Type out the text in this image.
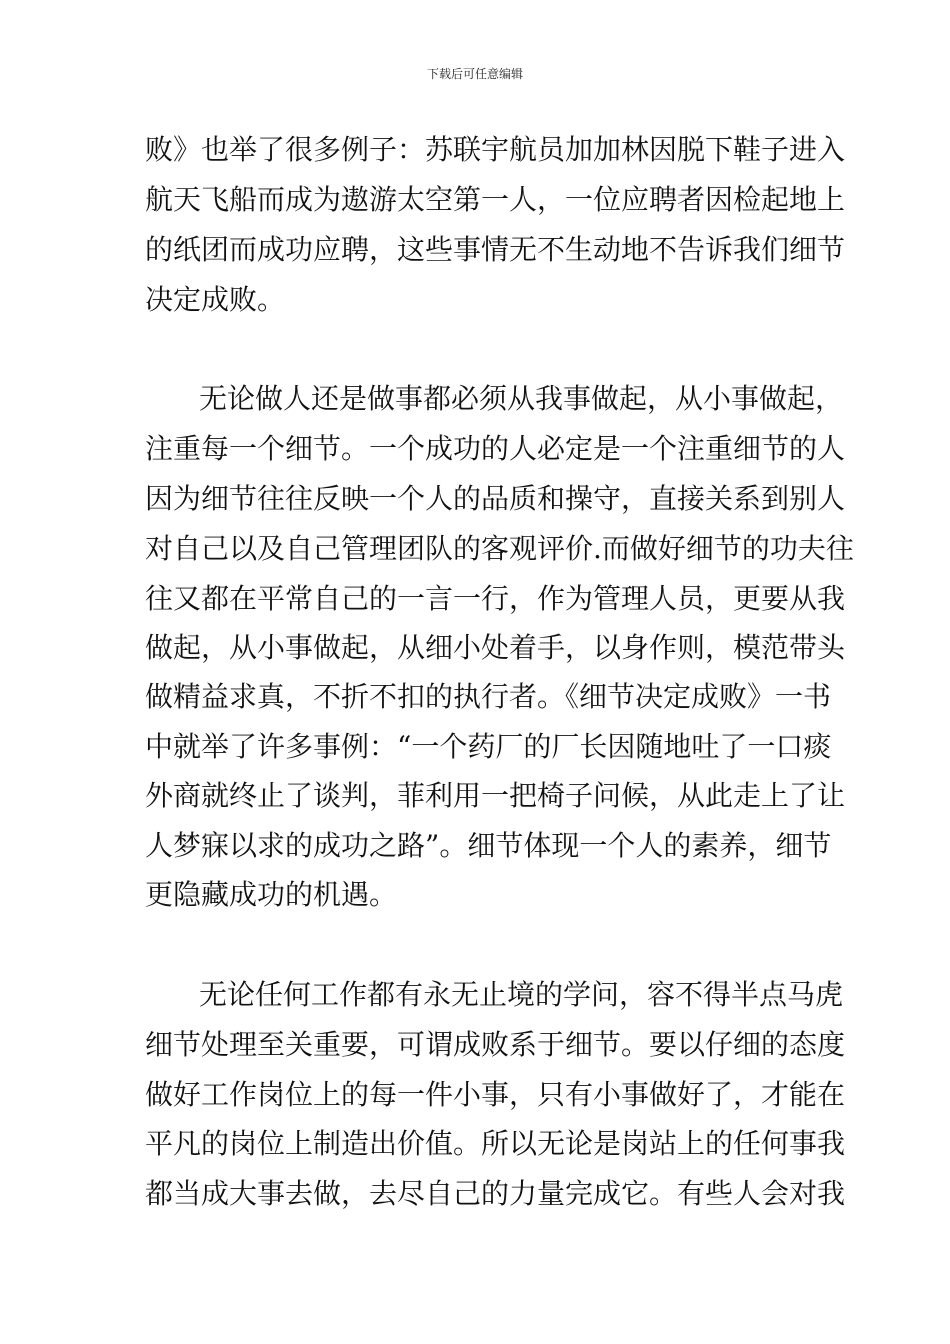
下载后可任意编辑
败》也举了很多例子：苏联宇航员加加林因脱下鞋子进入
航天飞船而成为遨游太空第一人，一位应聘者因检起地上
的纸团而成功应聘，这些事情无不生动地不告诉我们细节
决定成败。
无论做人还是做事都必须从我事做起，从小事做起，
注重每一个细节。一个成功的人必定是一个注重细节的人
因为细节往往反映一个人的品质和操守，直接关系到别人
对自己以及自己管理团队的客观评价.而做好细节的功夫往
往又都在平常自己的一言一行，作为管理人员，更要从我
做起，从小事做起，从细小处着手，以身作则，模范带头
做精益求真，不折不扣的执行者。《细节决定成败》一书
中就举了许多事例：“一个药厂的厂长因随地吐了一口痰
外商就终止了谈判，菲利用一把椅子问候，从此走上了让
人梦寐以求的成功之路”。细节体现一个人的素养，细节
更隐藏成功的机遇。
无论任何工作都有永无止境的学问，容不得半点马虎
细节处理至关重要，可谓成败系于细节。要以仔细的态度
做好工作岗位上的每一件小事，只有小事做好了，才能在
平凡的岗位上制造出价值。所以无论是岗站上的任何事我
都当成大事去做，去尽自己的力量完成它。有些人会对我
